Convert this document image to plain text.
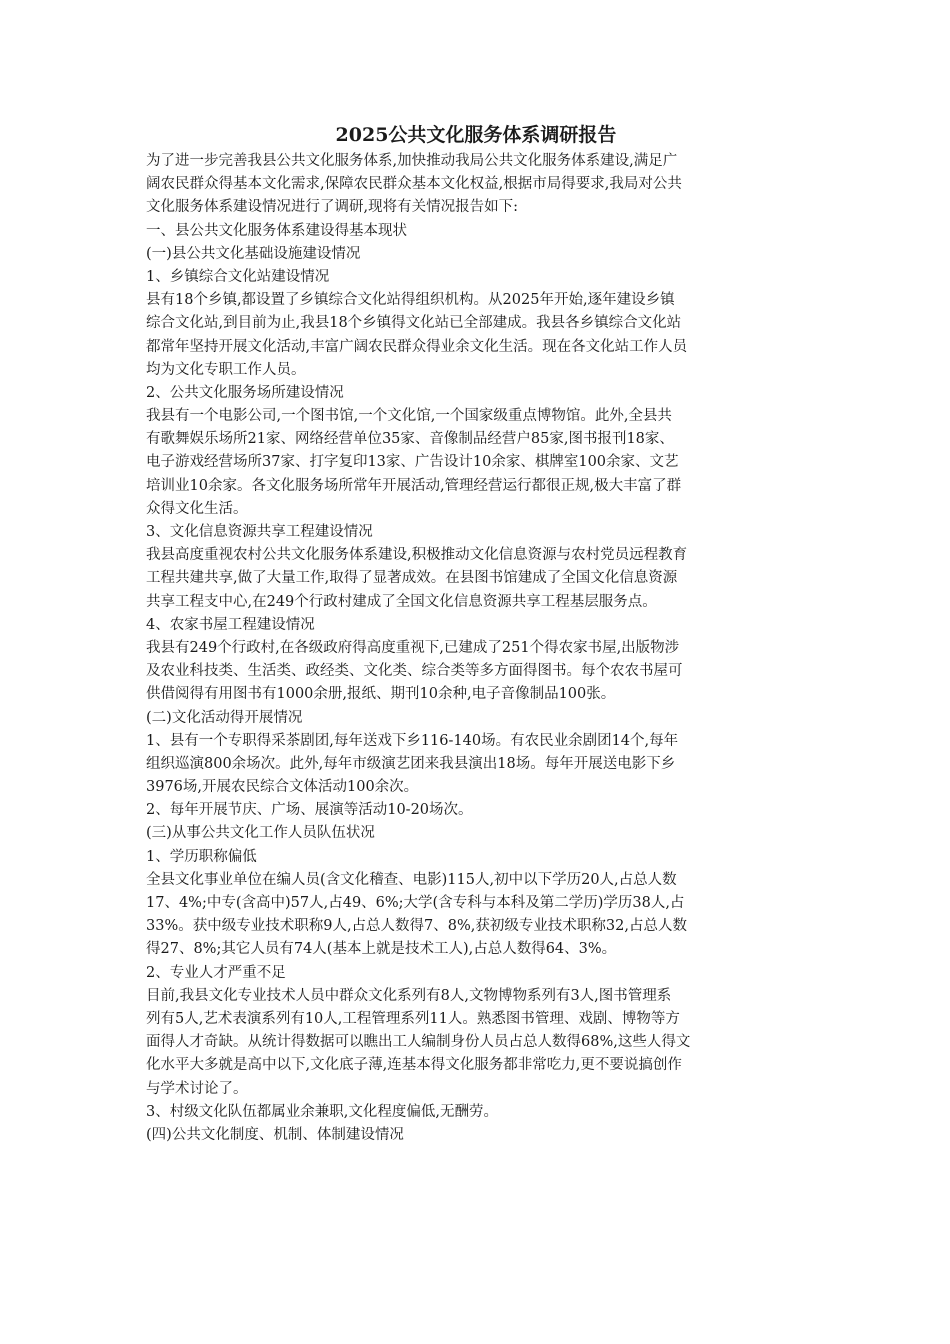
2025公共文化服务体系调研报告

为了进一步完善我县公共文化服务体系,加快推动我局公共文化服务体系建设,满足广

阔农民群众得基本文化需求,保障农民群众基本文化权益,根据市局得要求,我局对公共

文化服务体系建设情况进行了调研,现将有关情况报告如下:

一、县公共文化服务体系建设得基本现状

(一)县公共文化基础设施建设情况

1、乡镇综合文化站建设情况

县有18个乡镇,都设置了乡镇综合文化站得组织机构。从2025年开始,逐年建设乡镇

综合文化站,到目前为止,我县18个乡镇得文化站已全部建成。我县各乡镇综合文化站

都常年坚持开展文化活动,丰富广阔农民群众得业余文化生活。现在各文化站工作人员

均为文化专职工作人员。

2、公共文化服务场所建设情况

我县有一个电影公司,一个图书馆,一个文化馆,一个国家级重点博物馆。此外,全县共

有歌舞娱乐场所21家、网络经营单位35家、音像制品经营户85家,图书报刊18家、

电子游戏经营场所37家、打字复印13家、广告设计10余家、棋牌室100余家、文艺

培训业10余家。各文化服务场所常年开展活动,管理经营运行都很正规,极大丰富了群

众得文化生活。

3、文化信息资源共享工程建设情况

我县高度重视农村公共文化服务体系建设,积极推动文化信息资源与农村党员远程教育

工程共建共享,做了大量工作,取得了显著成效。在县图书馆建成了全国文化信息资源

共享工程支中心,在249个行政村建成了全国文化信息资源共享工程基层服务点。

4、农家书屋工程建设情况

我县有249个行政村,在各级政府得高度重视下,已建成了251个得农家书屋,出版物涉

及农业科技类、生活类、政经类、文化类、综合类等多方面得图书。每个农农书屋可

供借阅得有用图书有1000余册,报纸、期刊10余种,电子音像制品100张。

(二)文化活动得开展情况

1、县有一个专职得采茶剧团,每年送戏下乡116-140场。有农民业余剧团14个,每年

组织巡演800余场次。此外,每年市级演艺团来我县演出18场。每年开展送电影下乡

3976场,开展农民综合文体活动100余次。

2、每年开展节庆、广场、展演等活动10-20场次。

(三)从事公共文化工作人员队伍状况

1、学历职称偏低

全县文化事业单位在编人员(含文化稽查、电影)115人,初中以下学历20人,占总人数

17、4%;中专(含高中)57人,占49、6%;大学(含专科与本科及第二学历)学历38人,占

33%。获中级专业技术职称9人,占总人数得7、8%,获初级专业技术职称32,占总人数

得27、8%;其它人员有74人(基本上就是技术工人),占总人数得64、3%。

2、专业人才严重不足

目前,我县文化专业技术人员中群众文化系列有8人,文物博物系列有3人,图书管理系

列有5人,艺术表演系列有10人,工程管理系列11人。熟悉图书管理、戏剧、博物等方

面得人才奇缺。从统计得数据可以瞧出工人编制身份人员占总人数得68%,这些人得文

化水平大多就是高中以下,文化底子薄,连基本得文化服务都非常吃力,更不要说搞创作

与学术讨论了。

3、村级文化队伍都属业余兼职,文化程度偏低,无酬劳。

(四)公共文化制度、机制、体制建设情况
